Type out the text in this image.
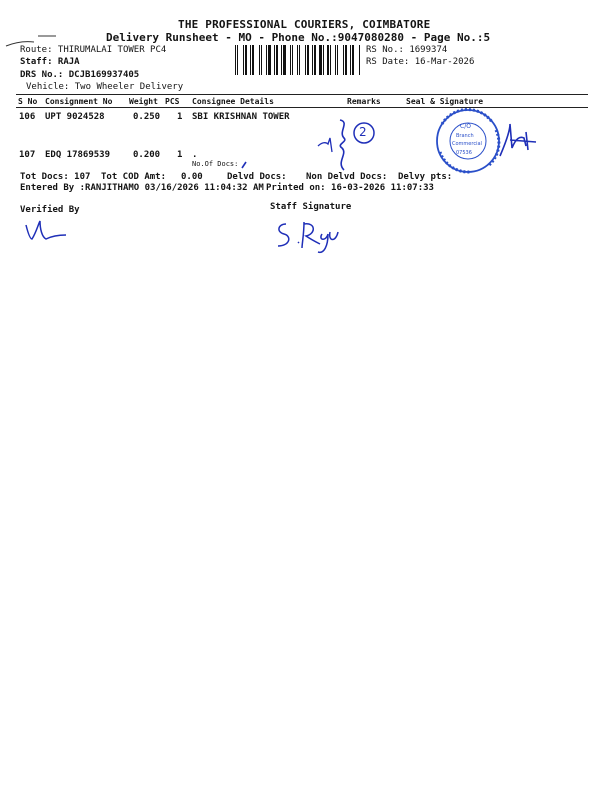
THE PROFESSIONAL COURIERS, COIMBATORE
Delivery Runsheet - MO - Phone No.:9047080280 - Page No.:5
Route: THIRUMALAI TOWER PC4
Staff: RAJA
DRS No.: DCJB169937405
Vehicle: Two Wheeler Delivery
RS No.: 1699374
RS Date: 16-Mar-2026
S No Consignment No Weight PCS Consignee Details	Remarks	Seal & Signature
106 UPT 9024528	0.250 1 SBI KRISHNAN TOWER
107 EDQ 17869539	0.200 1 .
No.Of Docs:
2	C/O
Branch
Commercial
07536
Tot Docs: 107 Tot COD Amt: 0.00	Delvd Docs: Non Delvd Docs: Delvy pts:
Entered By :RANJITHAMO 03/16/2026 11:04:32 AM Printed on: 16-03-2026 11:07:33
Verified By	Staff Signature
